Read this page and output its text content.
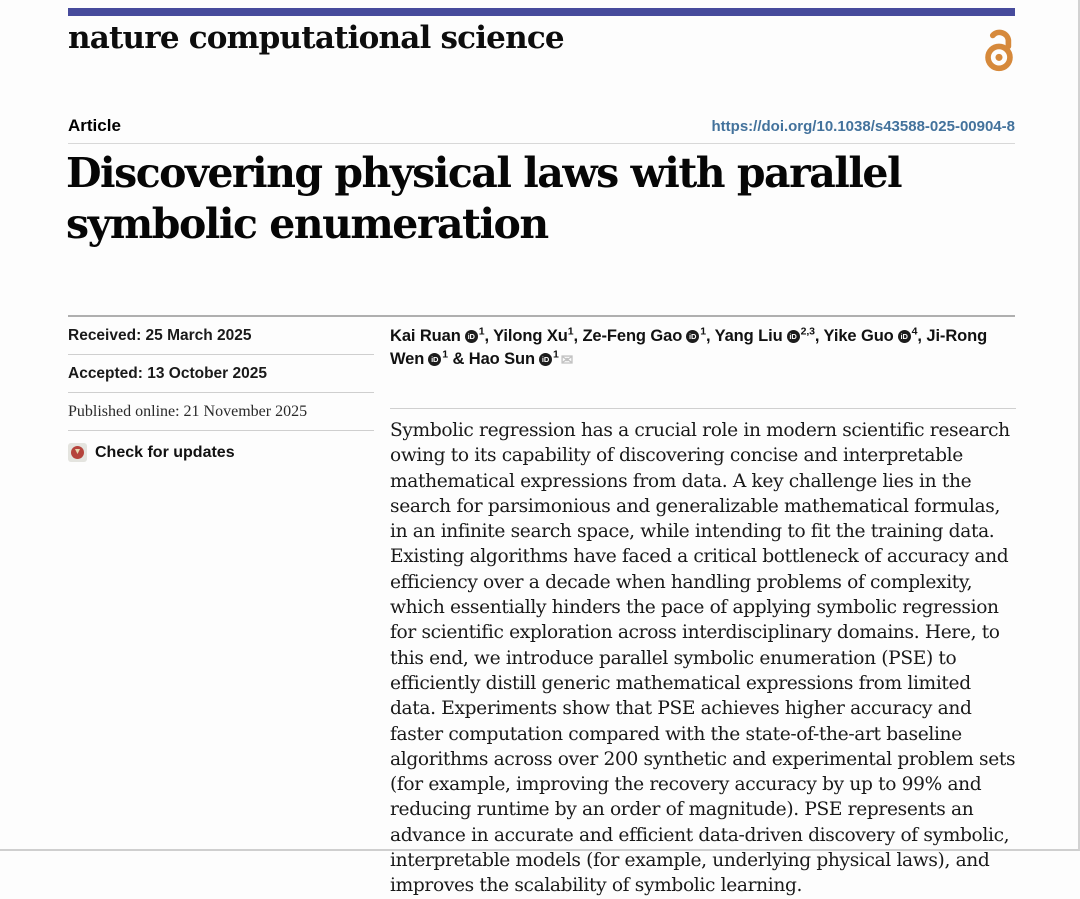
nature computational science
Article	https://doi.org/10.1038/s43588-025-00904-8
Discovering physical laws with parallel
symbolic enumeration
Received: 25 March 2025
Accepted: 13 October 2025
Published online: 21 November 2025
Check for updates
Kai Ruan iD $^1$, Yilong Xu$^1$, Ze-Feng Gao iD $^1$, Yang Liu iD $^{2,3}$, Yike Guo iD $^4$, Ji-Rong Wen iD $^1$ & Hao Sun iD $^1$ ✉

Symbolic regression has a crucial role in modern scientific research owing to its capability of discovering concise and interpretable mathematical expressions from data. A key challenge lies in the search for parsimonious and generalizable mathematical formulas, in an infinite search space, while intending to fit the training data. Existing algorithms have faced a critical bottleneck of accuracy and efficiency over a decade when handling problems of complexity, which essentially hinders the pace of applying symbolic regression for scientific exploration across interdisciplinary domains. Here, to this end, we introduce parallel symbolic enumeration (PSE) to efficiently distill generic mathematical expressions from limited data. Experiments show that PSE achieves higher accuracy and faster computation compared with the state-of-the-art baseline algorithms across over 200 synthetic and experimental problem sets (for example, improving the recovery accuracy by up to 99% and reducing runtime by an order of magnitude). PSE represents an advance in accurate and efficient data-driven discovery of symbolic, interpretable models (for example, underlying physical laws), and improves the scalability of symbolic learning.
